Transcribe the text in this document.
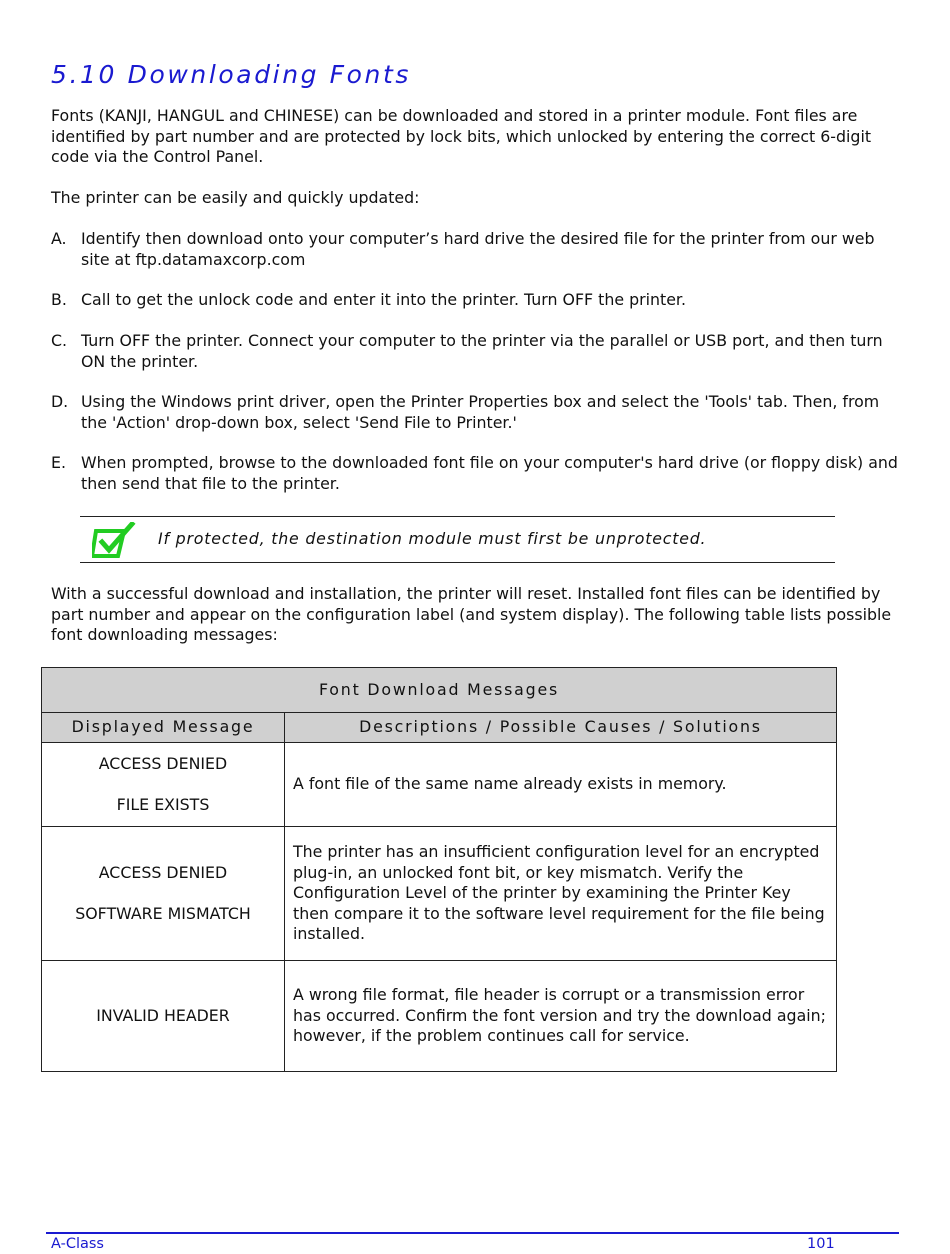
5.10 Downloading Fonts

Fonts (KANJI, HANGUL and CHINESE) can be downloaded and stored in a printer module. Font files are identified by part number and are protected by lock bits, which unlocked by entering the correct 6-digit code via the Control Panel.

The printer can be easily and quickly updated:

A. Identify then download onto your computer’s hard drive the desired file for the printer from our web site at ftp.datamaxcorp.com
B. Call to get the unlock code and enter it into the printer. Turn OFF the printer.
C. Turn OFF the printer. Connect your computer to the printer via the parallel or USB port, and then turn ON the printer.
D. Using the Windows print driver, open the Printer Properties box and select the 'Tools' tab. Then, from the 'Action' drop-down box, select 'Send File to Printer.'
E. When prompted, browse to the downloaded font file on your computer's hard drive (or floppy disk) and then send that file to the printer.
If protected, the destination module must first be unprotected.

With a successful download and installation, the printer will reset. Installed font files can be identified by part number and appear on the configuration label (and system display). The following table lists possible font downloading messages:

Font Download Messages	
Displayed Message	Descriptions / Possible Causes / Solutions

ACCESS DENIED
FILE EXISTS	A font file of the same name already exists in memory.

ACCESS DENIED
SOFTWARE MISMATCH	The printer has an insufficient configuration level for an encrypted plug-in, an unlocked font bit, or key mismatch. Verify the Configuration Level of the printer by examining the Printer Key then compare it to the software level requirement for the file being installed.

INVALID HEADER	A wrong file format, file header is corrupt or a transmission error has occurred. Confirm the font version and try the download again; however, if the problem continues call for service.
A-Class	101
